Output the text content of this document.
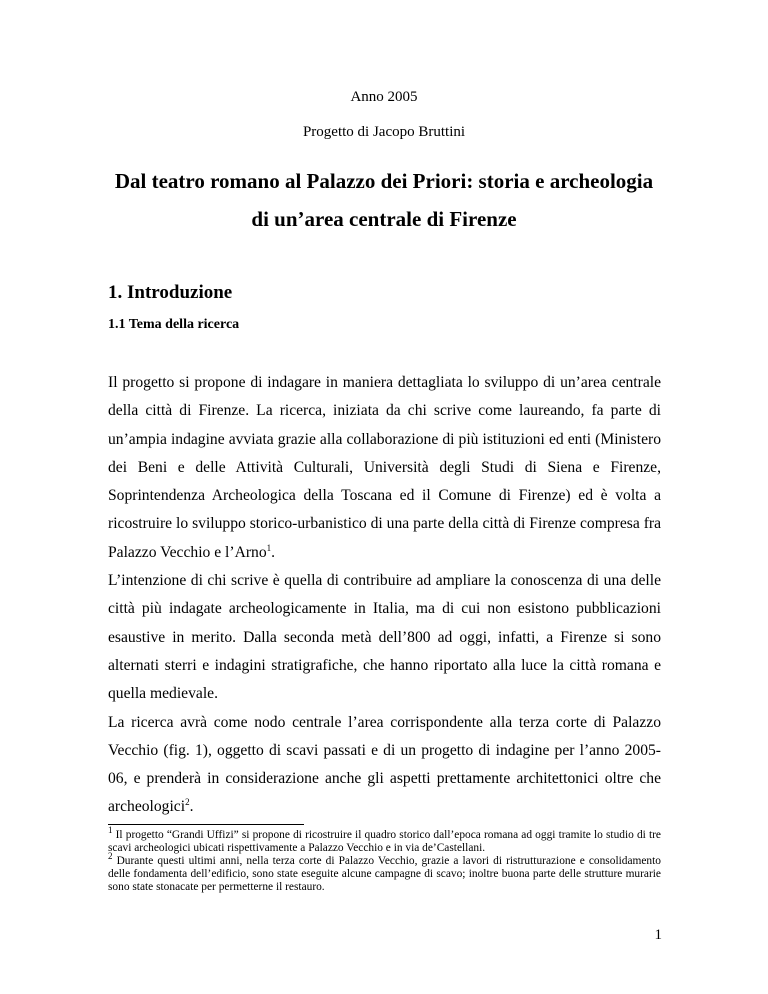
Anno 2005
Progetto di Jacopo Bruttini
Dal teatro romano al Palazzo dei Priori: storia e archeologia
di un’area centrale di Firenze
1. Introduzione
1.1 Tema della ricerca

Il progetto si propone di indagare in maniera dettagliata lo sviluppo di un’area centrale della città di Firenze. La ricerca, iniziata da chi scrive come laureando, fa parte di un’ampia indagine avviata grazie alla collaborazione di più istituzioni ed enti (Ministero dei Beni e delle Attività Culturali, Università degli Studi di Siena e Firenze, Soprintendenza Archeologica della Toscana ed il Comune di Firenze) ed è volta a ricostruire lo sviluppo storico-urbanistico di una parte della città di Firenze compresa fra Palazzo Vecchio e l’Arno$^1$.

L’intenzione di chi scrive è quella di contribuire ad ampliare la conoscenza di una delle città più indagate archeologicamente in Italia, ma di cui non esistono pubblicazioni esaustive in merito. Dalla seconda metà dell’800 ad oggi, infatti, a Firenze si sono alternati sterri e indagini stratigrafiche, che hanno riportato alla luce la città romana e quella medievale.

La ricerca avrà come nodo centrale l’area corrispondente alla terza corte di Palazzo Vecchio (fig. 1), oggetto di scavi passati e di un progetto di indagine per l’anno 2005-06, e prenderà in considerazione anche gli aspetti prettamente architettonici oltre che archeologici$^2$.

$^1$ Il progetto “Grandi Uffizi” si propone di ricostruire il quadro storico dall’epoca romana ad oggi tramite lo studio di tre scavi archeologici ubicati rispettivamente a Palazzo Vecchio e in via de’Castellani.

$^2$ Durante questi ultimi anni, nella terza corte di Palazzo Vecchio, grazie a lavori di ristrutturazione e consolidamento delle fondamenta dell’edificio, sono state eseguite alcune campagne di scavo; inoltre buona parte delle strutture murarie sono state stonacate per permetterne il restauro.

1
